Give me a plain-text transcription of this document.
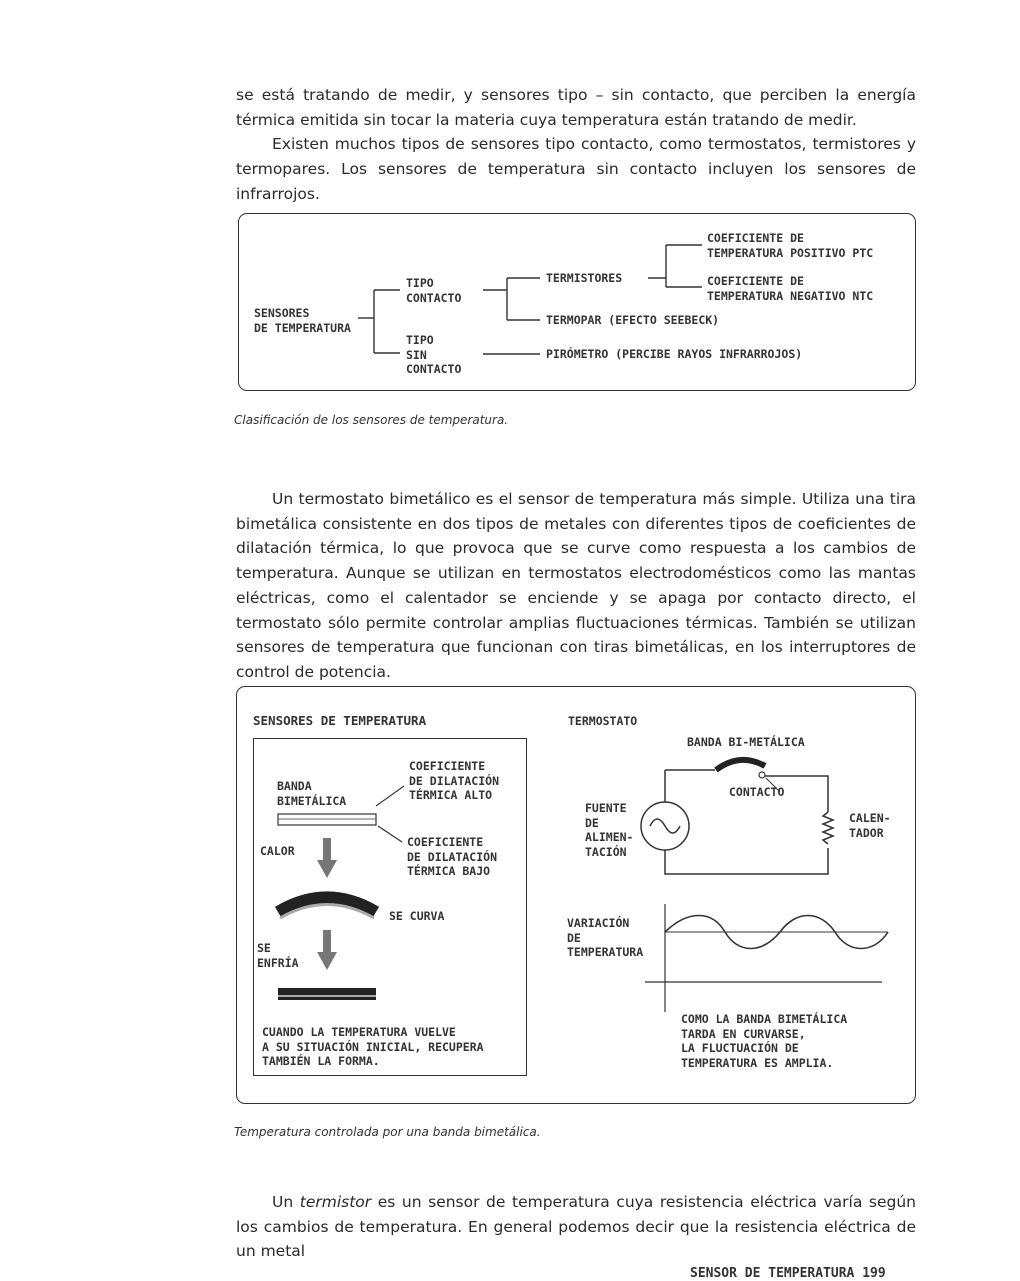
se está tratando de medir, y sensores tipo – sin contacto, que perciben la energía térmica emitida sin tocar la materia cuya temperatura están tratando de medir.
Existen muchos tipos de sensores tipo contacto, como termostatos, termistores y termopares. Los sensores de temperatura sin contacto incluyen los sensores de infrarrojos.

SENSORES
DE TEMPERATURA
TIPO
CONTACTO
TIPO
SIN
CONTACTO
TERMISTORES
COEFICIENTE DE
TEMPERATURA POSITIVO PTC
COEFICIENTE DE
TEMPERATURA NEGATIVO NTC
TERMOPAR (EFECTO SEEBECK)
PIRÓMETRO (PERCIBE RAYOS INFRARROJOS)
Clasificación de los sensores de temperatura.

Un termostato bimetálico es el sensor de temperatura más simple. Utiliza una tira bimetálica consistente en dos tipos de metales con diferentes tipos de coeficientes de dilatación térmica, lo que provoca que se curve como respuesta a los cambios de temperatura. Aunque se utilizan en termostatos electrodomésticos como las mantas eléctricas, como el calentador se enciende y se apaga por contacto directo, el termostato sólo permite controlar amplias fluctuaciones térmicas. También se utilizan sensores de temperatura que funcionan con tiras bimetálicas, en los interruptores de control de potencia.

SENSORES DE TEMPERATURA
BANDA
BIMETÁLICA
COEFICIENTE
DE DILATACIÓN
TÉRMICA ALTO
COEFICIENTE
DE DILATACIÓN
TÉRMICA BAJO
CALOR
SE CURVA
SE
ENFRÍA
CUANDO LA TEMPERATURA VUELVE
A SU SITUACIÓN INICIAL, RECUPERA
TAMBIÉN LA FORMA.
TERMOSTATO
BANDA BI-METÁLICA
CONTACTO
FUENTE
DE
ALIMEN-
TACIÓN
CALEN-
TADOR
VARIACIÓN
DE
TEMPERATURA
COMO LA BANDA BIMETÁLICA
TARDA EN CURVARSE,
LA FLUCTUACIÓN DE
TEMPERATURA ES AMPLIA.
Temperatura controlada por una banda bimetálica.

Un termistor es un sensor de temperatura cuya resistencia eléctrica varía según los cambios de temperatura. En general podemos decir que la resistencia eléctrica de un metal

SENSOR DE TEMPERATURA 199
